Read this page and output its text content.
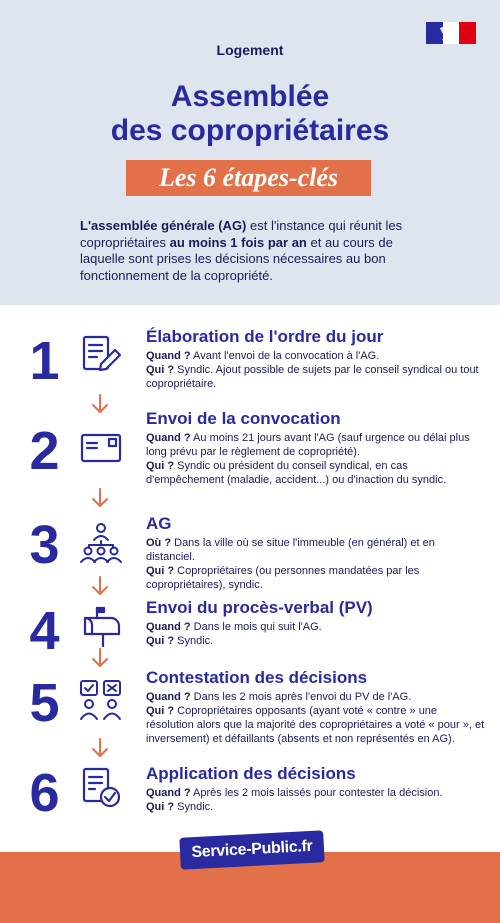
Logement
Assemblée
des copropriétaires
Les 6 étapes-clés
L'assemblée générale (AG) est l'instance qui réunit les copropriétaires au moins 1 fois par an et au cours de laquelle sont prises les décisions nécessaires au bon fonctionnement de la copropriété.
1	Élaboration de l'ordre du jour
Quand ? Avant l'envoi de la convocation à l'AG.
Qui ? Syndic. Ajout possible de sujets par le conseil syndical ou tout copropriétaire.
2
Envoi de la convocation
Quand ? Au moins 21 jours avant l'AG (sauf urgence ou délai plus long prévu par le règlement de copropriété).
Qui ? Syndic ou président du conseil syndical, en cas d'empêchement (maladie, accident...) ou d'inaction du syndic.
3	AG
Où ? Dans la ville où se situe l'immeuble (en général) et en distanciel.
Qui ? Copropriétaires (ou personnes mandatées par les copropriétaires), syndic.
4	Envoi du procès-verbal (PV)
Quand ? Dans le mois qui suit l'AG.
Qui ? Syndic.
5	Contestation des décisions
Quand ? Dans les 2 mois après l'envoi du PV de l'AG.
Qui ? Copropriétaires opposants (ayant voté « contre » une résolution alors que la majorité des copropriétaires a voté « pour », et inversement) et défaillants (absents et non représentés en AG).
6	Application des décisions
Quand ? Après les 2 mois laissés pour contester la décision.
Qui ? Syndic.
Service-Public.fr
